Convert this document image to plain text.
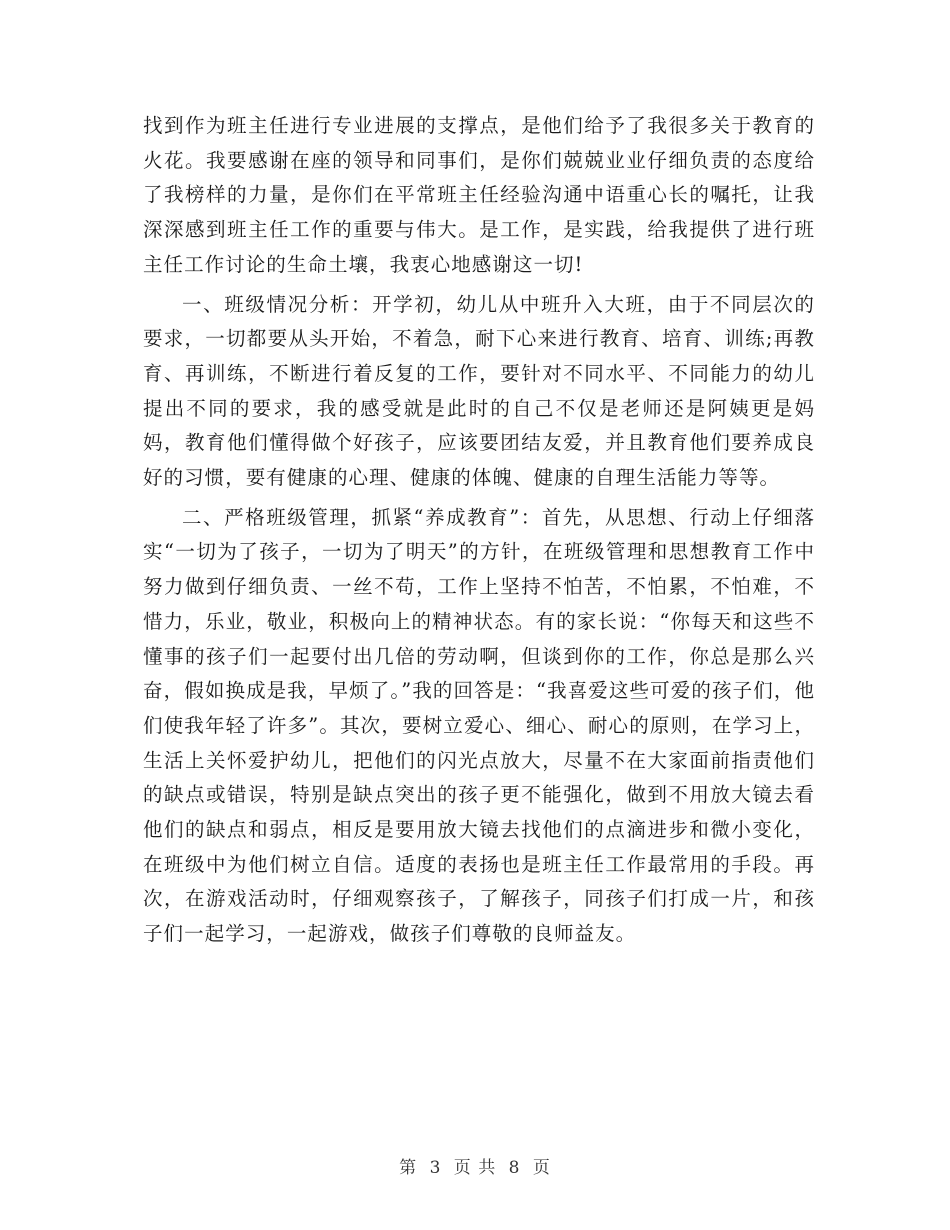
找到作为班主任进行专业进展的支撑点，是他们给予了我很多关于教育的火花。我要感谢在座的领导和同事们，是你们兢兢业业仔细负责的态度给了我榜样的力量，是你们在平常班主任经验沟通中语重心长的嘱托，让我深深感到班主任工作的重要与伟大。是工作，是实践，给我提供了进行班主任工作讨论的生命土壤，我衷心地感谢这一切!

一、班级情况分析：开学初，幼儿从中班升入大班，由于不同层次的要求，一切都要从头开始，不着急，耐下心来进行教育、培育、训练;再教育、再训练，不断进行着反复的工作，要针对不同水平、不同能力的幼儿提出不同的要求，我的感受就是此时的自己不仅是老师还是阿姨更是妈妈，教育他们懂得做个好孩子，应该要团结友爱，并且教育他们要养成良好的习惯，要有健康的心理、健康的体魄、健康的自理生活能力等等。

二、严格班级管理，抓紧“养成教育”：首先，从思想、行动上仔细落实“一切为了孩子，一切为了明天”的方针，在班级管理和思想教育工作中努力做到仔细负责、一丝不苟，工作上坚持不怕苦，不怕累，不怕难，不惜力，乐业，敬业，积极向上的精神状态。有的家长说：“你每天和这些不懂事的孩子们一起要付出几倍的劳动啊，但谈到你的工作，你总是那么兴奋，假如换成是我，早烦了。”我的回答是：“我喜爱这些可爱的孩子们，他们使我年轻了许多”。其次，要树立爱心、细心、耐心的原则，在学习上，生活上关怀爱护幼儿，把他们的闪光点放大，尽量不在大家面前指责他们的缺点或错误，特别是缺点突出的孩子更不能强化，做到不用放大镜去看他们的缺点和弱点，相反是要用放大镜去找他们的点滴进步和微小变化，在班级中为他们树立自信。适度的表扬也是班主任工作最常用的手段。再次，在游戏活动时，仔细观察孩子，了解孩子，同孩子们打成一片，和孩子们一起学习，一起游戏，做孩子们尊敬的良师益友。

第 3 页 共 8 页
